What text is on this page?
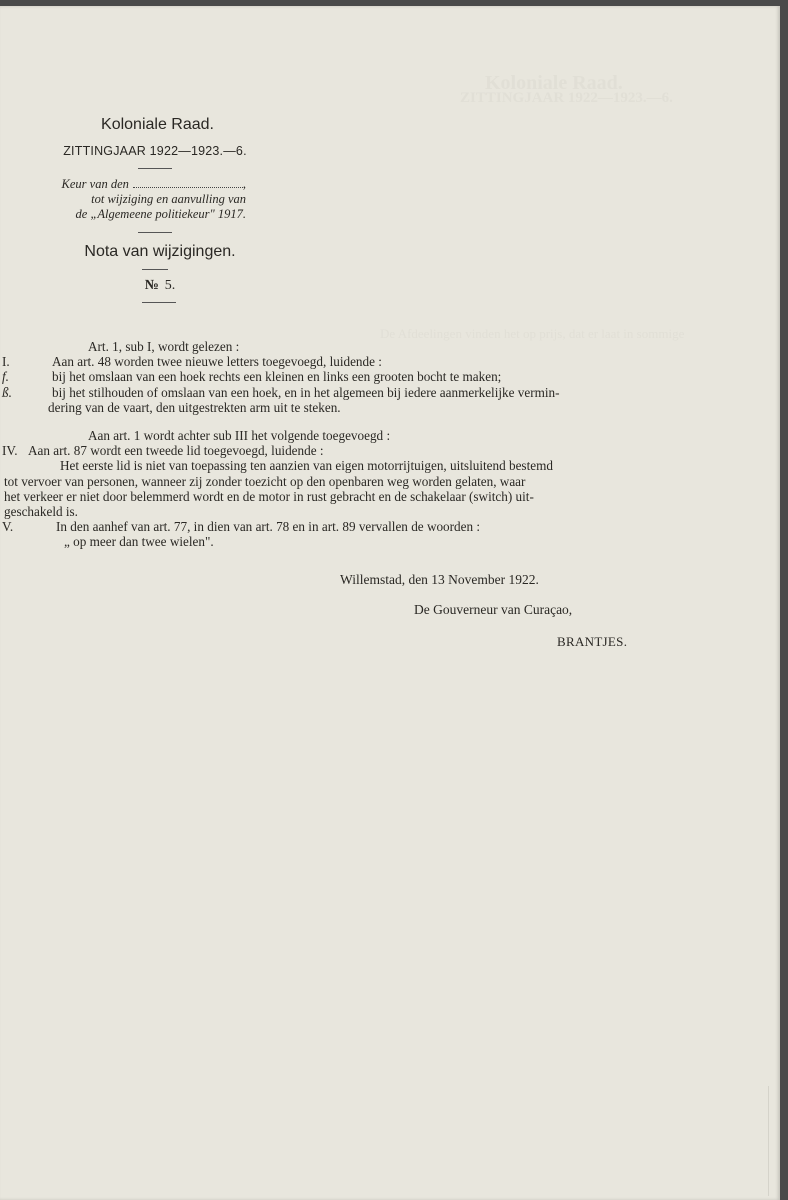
Koloniale Raad.
ZITTINGJAAR 1922—1923.—6.
De Afdeelingen vinden het op prijs, dat er laat in sommige
Koloniale Raad.
ZITTINGJAAR 1922—1923.—6.
Keur van den	,
tot wijziging en aanvulling van
de „Algemeene politiekeur" 1917.
Nota van wijzigingen.
№ 5.
Art. 1, sub I, wordt gelezen :
I.	Aan art. 48 worden twee nieuwe letters toegevoegd, luidende :
f.	bij het omslaan van een hoek rechts een kleinen en links een grooten bocht te maken;
ß.	bij het stilhouden of omslaan van een hoek, en in het algemeen bij iedere aanmerkelijke vermin-
dering van de vaart, den uitgestrekten arm uit te steken.
Aan art. 1 wordt achter sub III het volgende toegevoegd :
IV. Aan art. 87 wordt een tweede lid toegevoegd, luidende :
Het eerste lid is niet van toepassing ten aanzien van eigen motorrijtuigen, uitsluitend bestemd
tot vervoer van personen, wanneer zij zonder toezicht op den openbaren weg worden gelaten, waar
het verkeer er niet door belemmerd wordt en de motor in rust gebracht en de schakelaar (switch) uit-
geschakeld is.
V.	In den aanhef van art. 77, in dien van art. 78 en in art. 89 vervallen de woorden :
„ op meer dan twee wielen".
Willemstad, den 13 November 1922.
De Gouverneur van Curaçao,
BRANTJES.
